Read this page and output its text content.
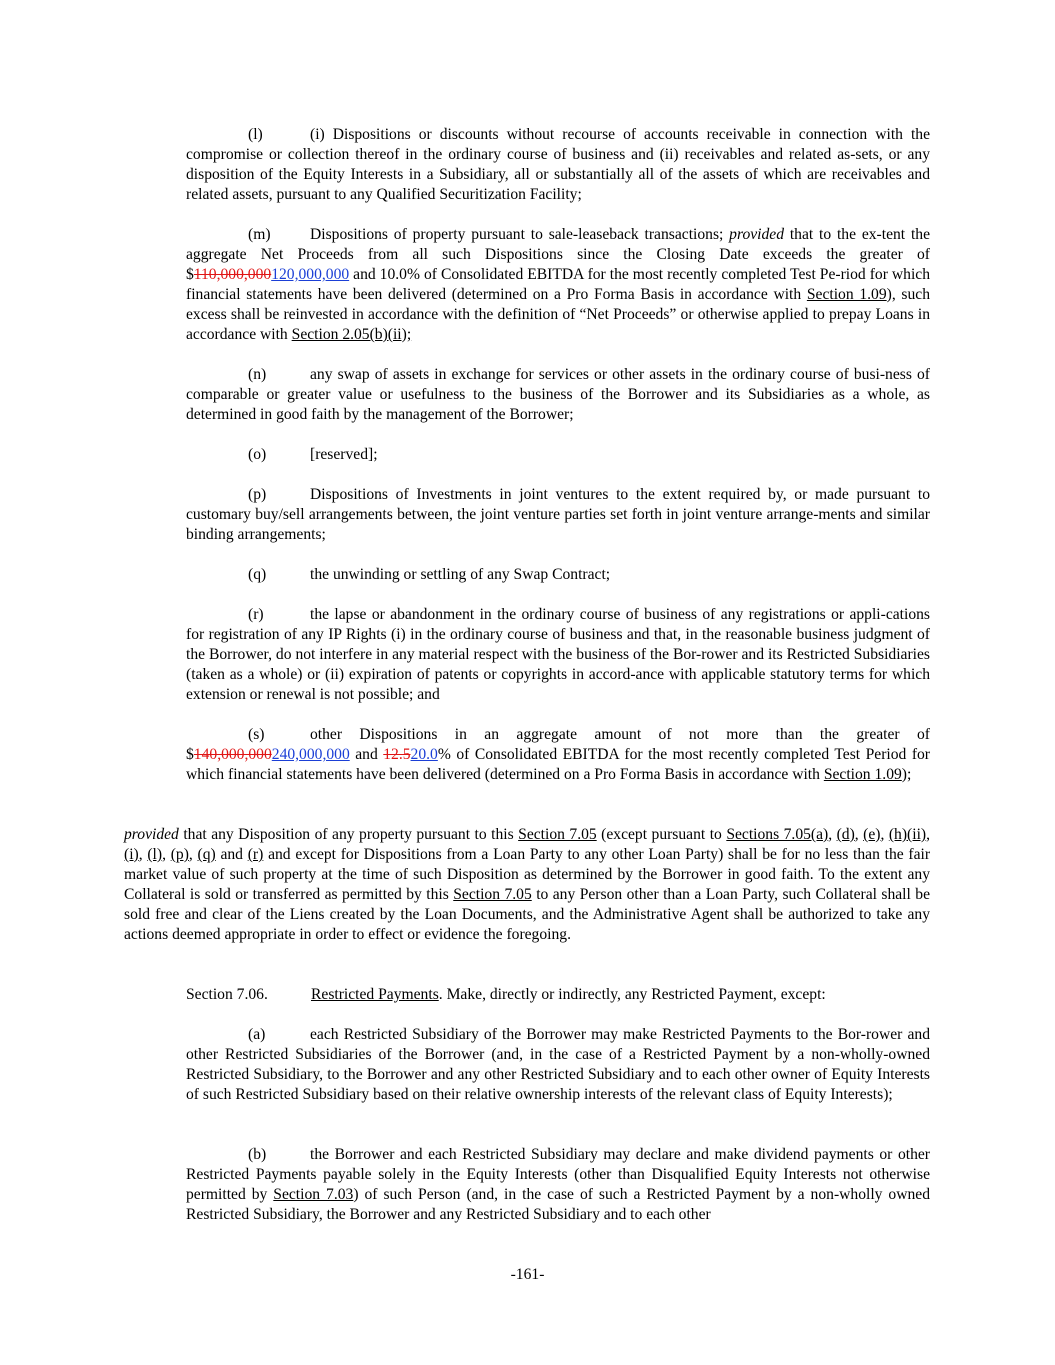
(l)	(i) Dispositions or discounts without recourse of accounts receivable in connection with the compromise or collection thereof in the ordinary course of business and (ii) receivables and related as-sets, or any disposition of the Equity Interests in a Subsidiary, all or substantially all of the assets of which are receivables and related assets, pursuant to any Qualified Securitization Facility;

(m)	Dispositions of property pursuant to sale-leaseback transactions; provided that to the ex-tent the aggregate Net Proceeds from all such Dispositions since the Closing Date exceeds the greater of $110,000,000120,000,000 and 10.0% of Consolidated EBITDA for the most recently completed Test Pe-riod for which financial statements have been delivered (determined on a Pro Forma Basis in accordance with Section 1.09), such excess shall be reinvested in accordance with the definition of “Net Proceeds” or otherwise applied to prepay Loans in accordance with Section 2.05(b)(ii);

(n)	any swap of assets in exchange for services or other assets in the ordinary course of busi-ness of comparable or greater value or usefulness to the business of the Borrower and its Subsidiaries as a whole, as determined in good faith by the management of the Borrower;

(o)	[reserved];

(p)	Dispositions of Investments in joint ventures to the extent required by, or made pursuant to customary buy/sell arrangements between, the joint venture parties set forth in joint venture arrange-ments and similar binding arrangements;

(q)	the unwinding or settling of any Swap Contract;

(r)	the lapse or abandonment in the ordinary course of business of any registrations or appli-cations for registration of any IP Rights (i) in the ordinary course of business and that, in the reasonable business judgment of the Borrower, do not interfere in any material respect with the business of the Bor-rower and its Restricted Subsidiaries (taken as a whole) or (ii) expiration of patents or copyrights in accord-ance with applicable statutory terms for which extension or renewal is not possible; and

(s)	other Dispositions in an aggregate amount of not more than the greater of $140,000,000240,000,000 and 12.520.0% of Consolidated EBITDA for the most recently completed Test Period for which financial statements have been delivered (determined on a Pro Forma Basis in accordance with Section 1.09);

provided that any Disposition of any property pursuant to this Section 7.05 (except pursuant to Sections 7.05(a), (d), (e), (h)(ii), (i), (l), (p), (q) and (r) and except for Dispositions from a Loan Party to any other Loan Party) shall be for no less than the fair market value of such property at the time of such Disposition as determined by the Borrower in good faith. To the extent any Collateral is sold or transferred as permitted by this Section 7.05 to any Person other than a Loan Party, such Collateral shall be sold free and clear of the Liens created by the Loan Documents, and the Administrative Agent shall be authorized to take any actions deemed appropriate in order to effect or evidence the foregoing.

Section 7.06.	Restricted Payments. Make, directly or indirectly, any Restricted Payment, except:

(a)	each Restricted Subsidiary of the Borrower may make Restricted Payments to the Bor-rower and other Restricted Subsidiaries of the Borrower (and, in the case of a Restricted Payment by a non-wholly-owned Restricted Subsidiary, to the Borrower and any other Restricted Subsidiary and to each other owner of Equity Interests of such Restricted Subsidiary based on their relative ownership interests of the relevant class of Equity Interests);

(b)	the Borrower and each Restricted Subsidiary may declare and make dividend payments or other Restricted Payments payable solely in the Equity Interests (other than Disqualified Equity Interests not otherwise permitted by Section 7.03) of such Person (and, in the case of such a Restricted Payment by a non-wholly owned Restricted Subsidiary, the Borrower and any Restricted Subsidiary and to each other

-161-
